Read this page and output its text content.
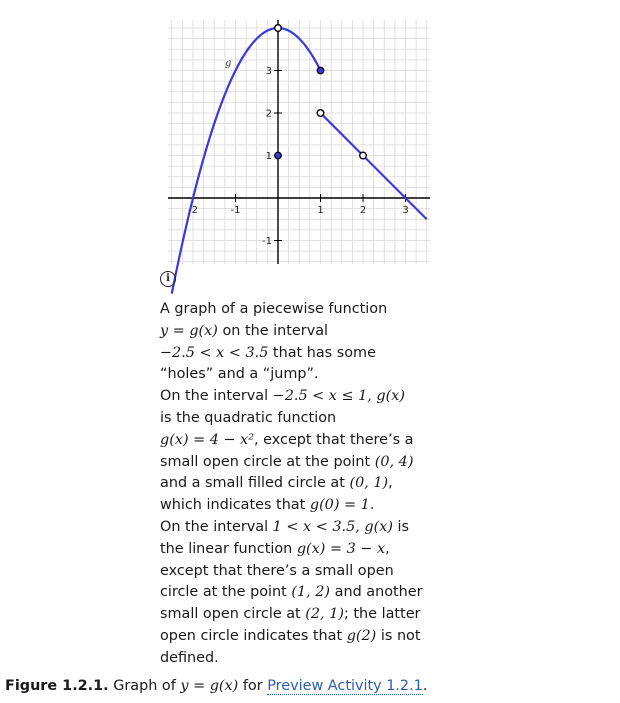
-2	-1	1	2	3
3
2
1
-1
g
i
A graph of a piecewise function
y = g(x) on the interval
−2.5 < x < 3.5 that has some
“holes” and a “jump”.
On the interval −2.5 < x ≤ 1, g(x)
is the quadratic function
g(x) = 4 − x², except that there’s a
small open circle at the point (0, 4)
and a small filled circle at (0, 1),
which indicates that g(0) = 1.
On the interval 1 < x < 3.5, g(x) is
the linear function g(x) = 3 − x,
except that there’s a small open
circle at the point (1, 2) and another
small open circle at (2, 1); the latter
open circle indicates that g(2) is not
defined.
Figure 1.2.1. Graph of y = g(x) for Preview Activity 1.2.1.
